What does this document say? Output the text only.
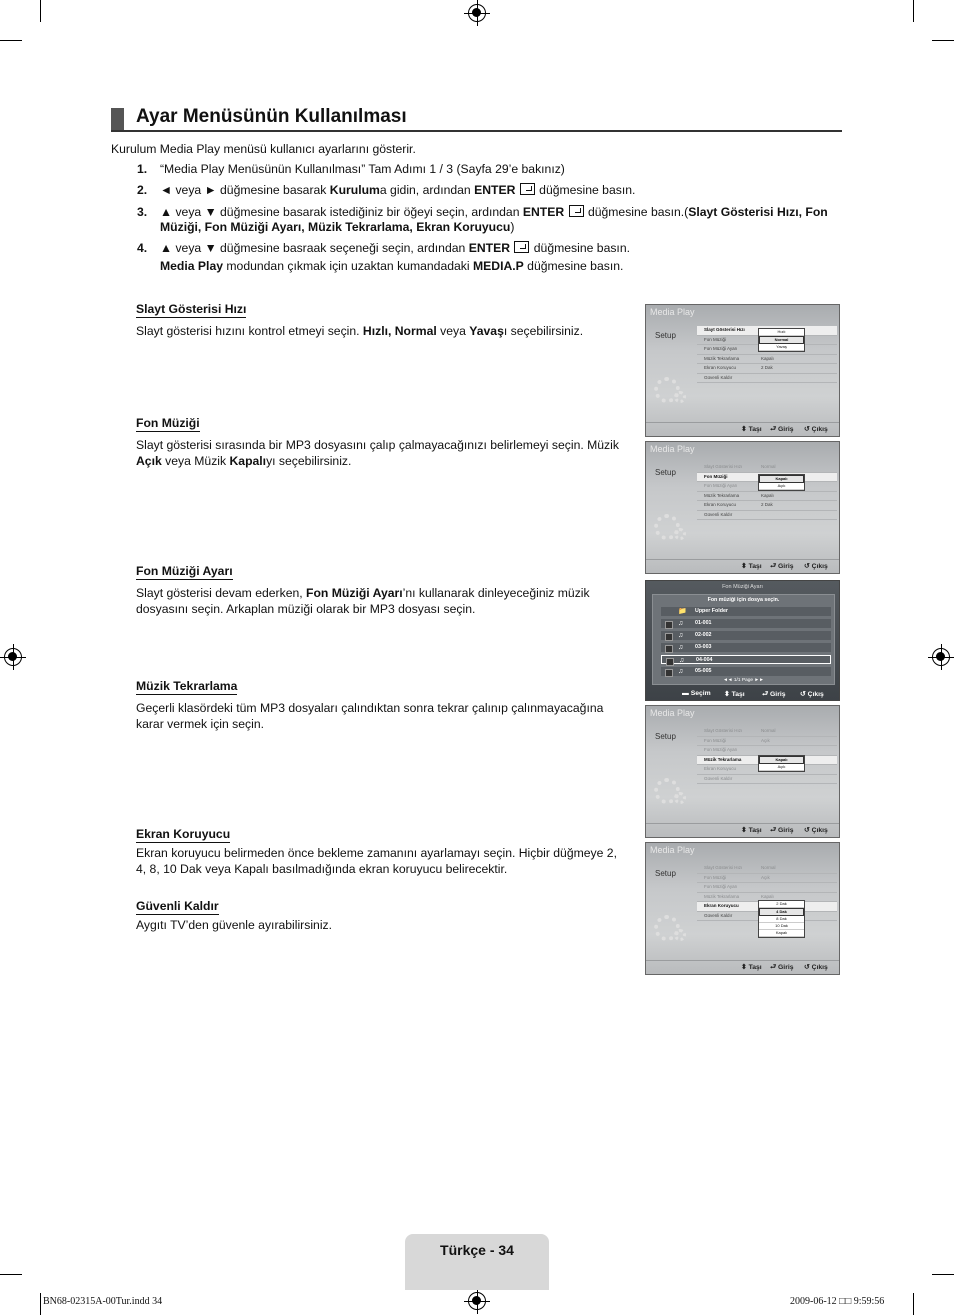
Ayar Menüsünün Kullanılması
Kurulum Media Play menüsü kullanıcı ayarlarını gösterir.
1. “Media Play Menüsünün Kullanılması” Tam Adımı 1 / 3 (Sayfa 29’e bakınız)
2. ◄ veya ► düğmesine basarak Kuruluma gidin, ardından ENTER  düğmesine basın.
3. ▲ veya ▼ düğmesine basarak istediğiniz bir öğeyi seçin, ardından ENTER  düğmesine basın.(Slayt Gösterisi Hızı, Fon Müziği, Fon Müziği Ayarı, Müzik Tekrarlama, Ekran Koruyucu)
4. ▲ veya ▼ düğmesine basraak seçeneği seçin, ardından ENTER  düğmesine basın.
Media Play modundan çıkmak için uzaktan kumandadaki MEDIA.P düğmesine basın.
Slayt Gösterisi Hızı
Slayt gösterisi hızını kontrol etmeyi seçin. Hızlı, Normal veya Yavaşı seçebilirsiniz.
Fon Müziği
Slayt gösterisi sırasında bir MP3 dosyasını çalıp çalmayacağınızı belirlemeyi seçin. Müzik Açık veya Müzik Kapalıyı seçebilirsiniz.
Fon Müziği Ayarı
Slayt gösterisi devam ederken, Fon Müziği Ayarı’nı kullanarak dinleyeceğiniz müzik dosyasını seçin. Arkaplan müziği olarak bir MP3 dosyası seçin.
Müzik Tekrarlama
Geçerli klasördeki tüm MP3 dosyaları çalındıktan sonra tekrar çalınıp çalınmayacağına karar vermek için seçin.
Ekran Koruyucu
Ekran koruyucu belirmeden önce bekleme zamanını ayarlamayı seçin. Hiçbir düğmeye 2, 4, 8, 10 Dak veya Kapalı basılmadığında ekran koruyucu belirecektir.
Güvenli Kaldır
Aygıtı TV’den güvenle ayırabilirsiniz.
Media Play
Setup
Slayt Gösterisi Hızı
Fon Müziği
Fon Müziği Ayarı
Müzik Tekrarlama	Kapalı
Ekran Koruyucu	2 Dak
Güvenli Kaldır
Hızlı
Normal
Yavaş
⬍ Taşı ⮐ Giriş ↺ Çıkış
Media Play
Setup
Slayt Gösterisi Hızı	Normal
Fon Müziği
Fon Müziği Ayarı
Müzik Tekrarlama	Kapalı
Ekran Koruyucu	2 Dak
Güvenli Kaldır
Kapalı
Açık
⬍ Taşı ⮐ Giriş ↺ Çıkış
Fon Müziği Ayarı
Fon müziği için dosya seçin.
📁 Upper Folder
♫ 01-001
♫ 02-002
♫ 03-003
♫ 04-004
♫ 05-005
◄◄ 1/1 Page ►►
▬ Seçim ⬍ Taşı	⮐ Giriş ↺ Çıkış
Media Play
Setup
Slayt Gösterisi Hızı	Normal
Fon Müziği	Açık
Fon Müziği Ayarı
Müzik Tekrarlama
Ekran Koruyucu
Güvenli Kaldır
Kapalı
Açık
⬍ Taşı ⮐ Giriş ↺ Çıkış
Media Play
Setup
Slayt Gösterisi Hızı	Normal
Fon Müziği	Açık
Fon Müziği Ayarı
Müzik Tekrarlama	Kapalı
Ekran Koruyucu
Güvenli Kaldır
2 Dak
4 Dak
8 Dak
10 Dak
Kapalı
⬍ Taşı ⮐ Giriş ↺ Çıkış
Türkçe - 34
BN68-02315A-00Tur.indd 34	2009-06-12 □□ 9:59:56
